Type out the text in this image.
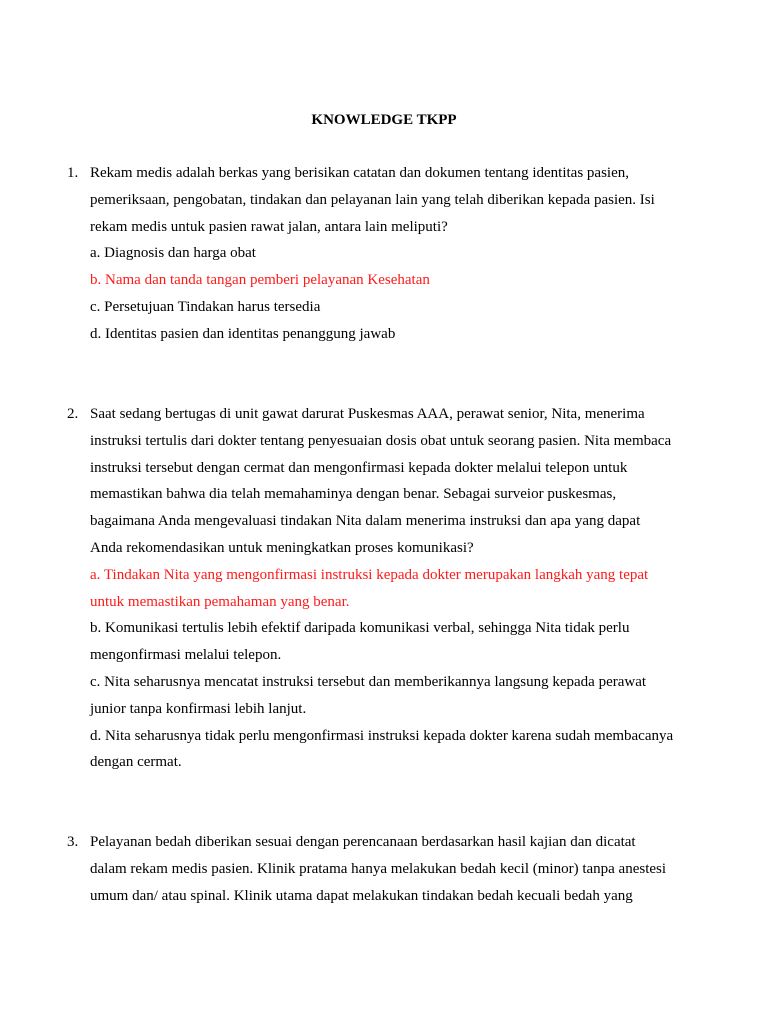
KNOWLEDGE TKPP
1. Rekam medis adalah berkas yang berisikan catatan dan dokumen tentang identitas pasien,
pemeriksaan, pengobatan, tindakan dan pelayanan lain yang telah diberikan kepada pasien. Isi
rekam medis untuk pasien rawat jalan, antara lain meliputi?
a. Diagnosis dan harga obat
b. Nama dan tanda tangan pemberi pelayanan Kesehatan
c. Persetujuan Tindakan harus tersedia
d. Identitas pasien dan identitas penanggung jawab
2. Saat sedang bertugas di unit gawat darurat Puskesmas AAA, perawat senior, Nita, menerima
instruksi tertulis dari dokter tentang penyesuaian dosis obat untuk seorang pasien. Nita membaca
instruksi tersebut dengan cermat dan mengonfirmasi kepada dokter melalui telepon untuk
memastikan bahwa dia telah memahaminya dengan benar. Sebagai surveior puskesmas,
bagaimana Anda mengevaluasi tindakan Nita dalam menerima instruksi dan apa yang dapat
Anda rekomendasikan untuk meningkatkan proses komunikasi?
a. Tindakan Nita yang mengonfirmasi instruksi kepada dokter merupakan langkah yang tepat
untuk memastikan pemahaman yang benar.
b. Komunikasi tertulis lebih efektif daripada komunikasi verbal, sehingga Nita tidak perlu
mengonfirmasi melalui telepon.
c. Nita seharusnya mencatat instruksi tersebut dan memberikannya langsung kepada perawat
junior tanpa konfirmasi lebih lanjut.
d. Nita seharusnya tidak perlu mengonfirmasi instruksi kepada dokter karena sudah membacanya
dengan cermat.
3. Pelayanan bedah diberikan sesuai dengan perencanaan berdasarkan hasil kajian dan dicatat
dalam rekam medis pasien. Klinik pratama hanya melakukan bedah kecil (minor) tanpa anestesi
umum dan/ atau spinal. Klinik utama dapat melakukan tindakan bedah kecuali bedah yang
